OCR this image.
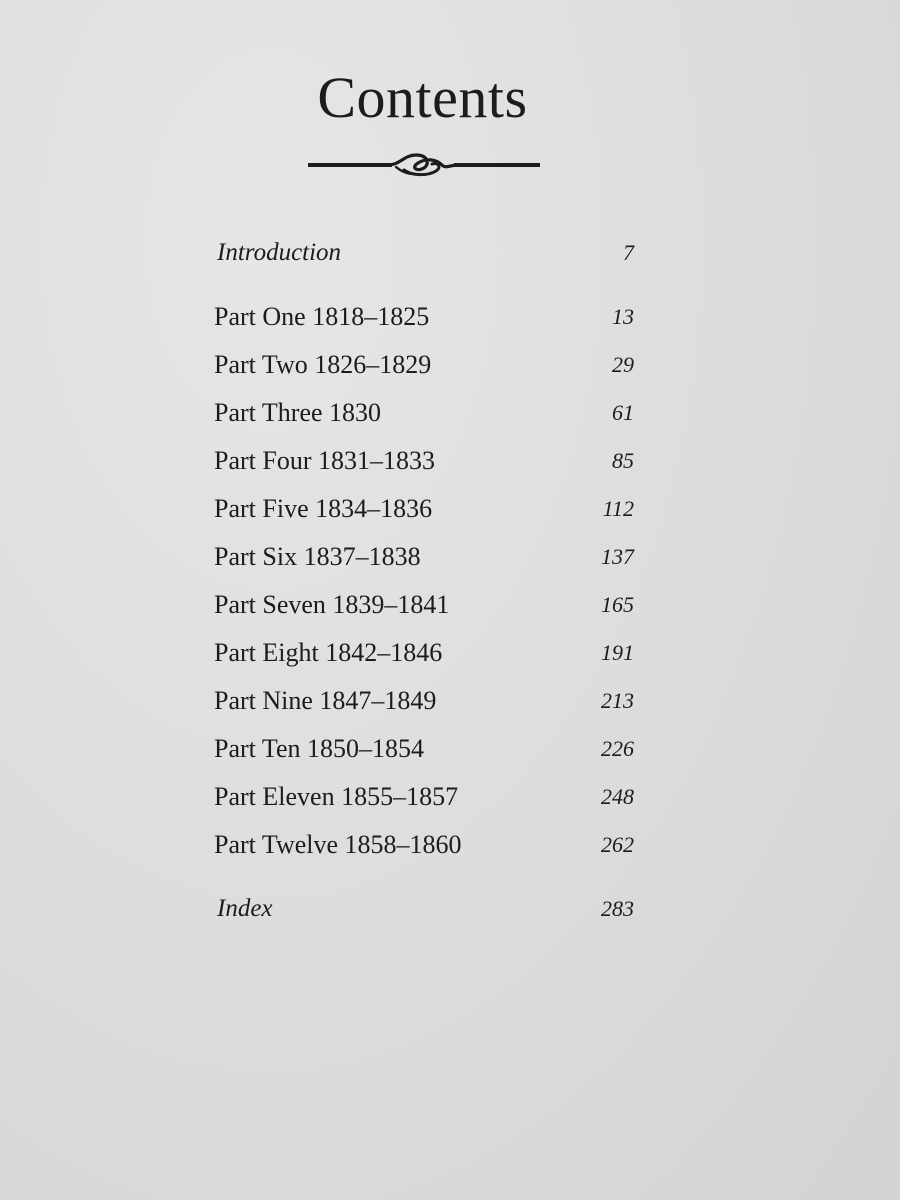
Contents
Introduction	7
Part One 1818–1825	13
Part Two 1826–1829	29
Part Three 1830	61
Part Four 1831–1833	85
Part Five 1834–1836	112
Part Six 1837–1838	137
Part Seven 1839–1841	165
Part Eight 1842–1846	191
Part Nine 1847–1849	213
Part Ten 1850–1854	226
Part Eleven 1855–1857	248
Part Twelve 1858–1860	262
Index	283
